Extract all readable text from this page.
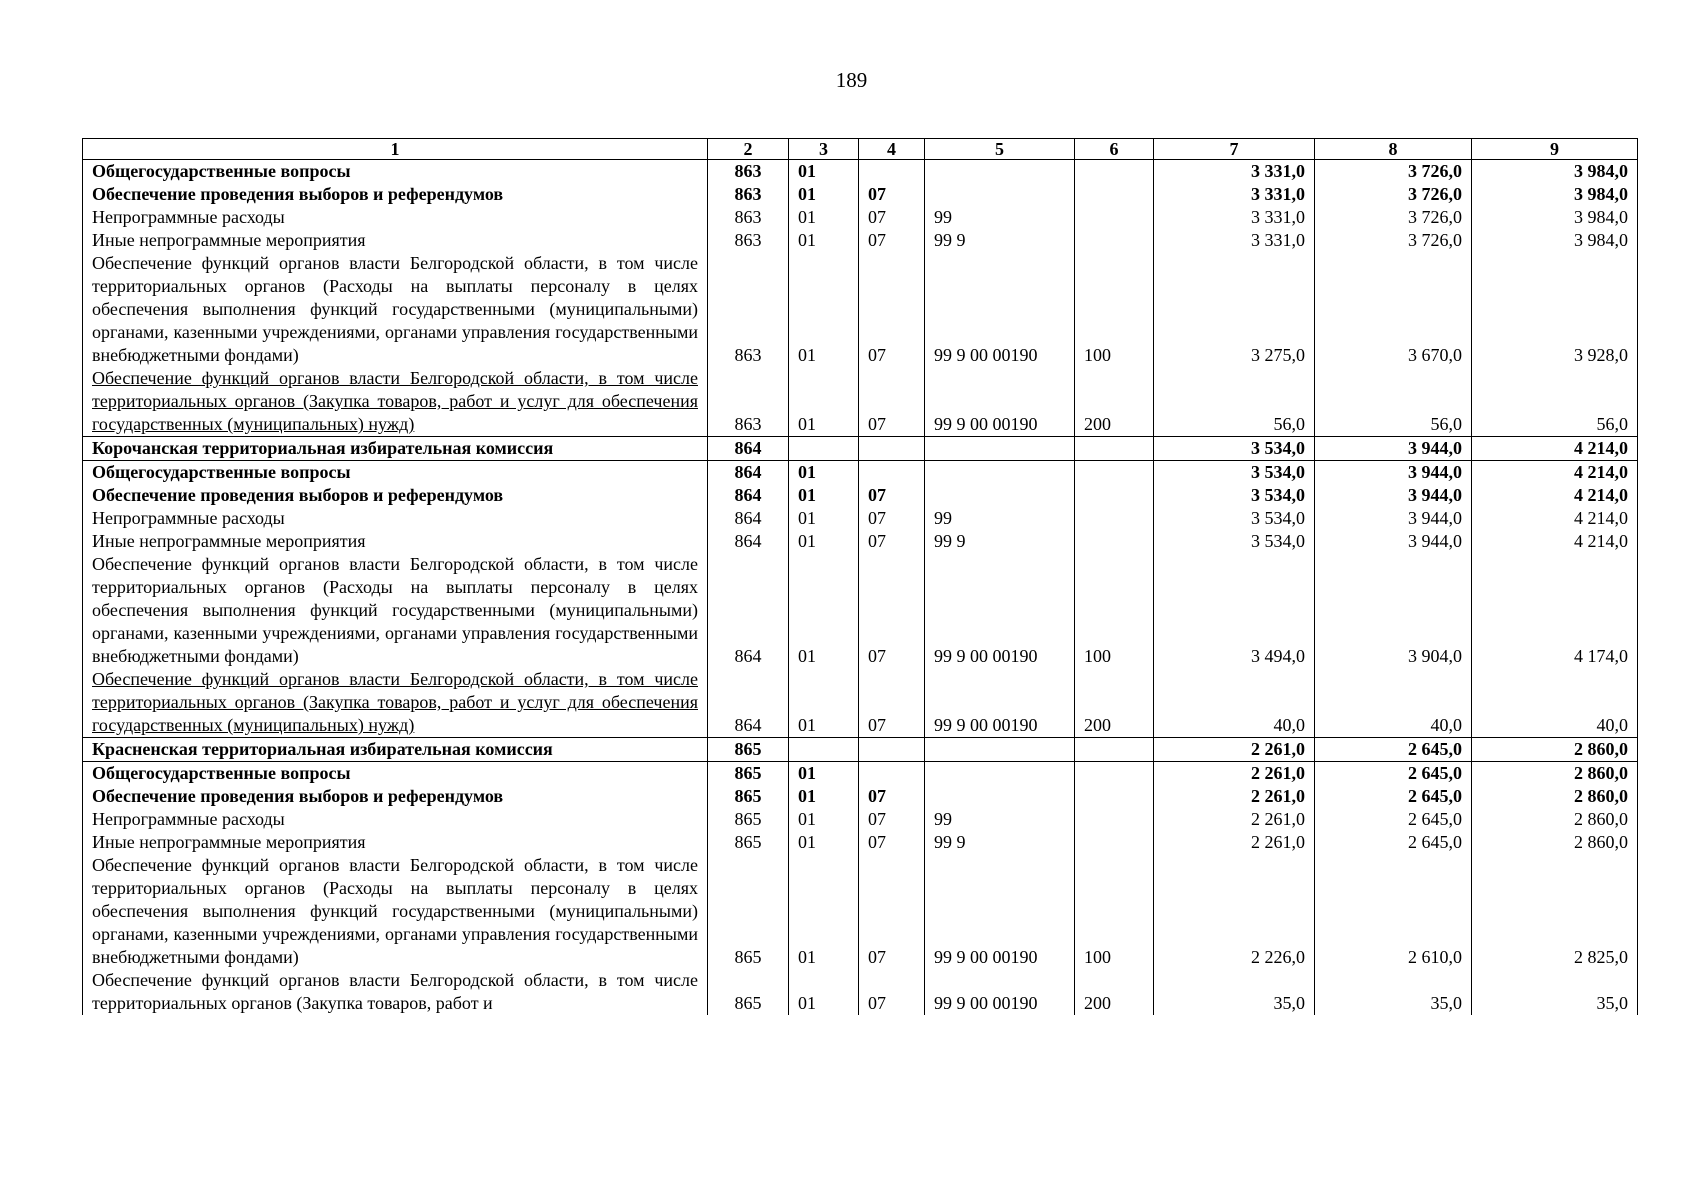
189
1	2	3	4	5	6	7	8	9
Общегосударственные вопросы	863	01				3 331,0	3 726,0	3 984,0
Обеспечение проведения выборов и референдумов	863	01	07			3 331,0	3 726,0	3 984,0
Непрограммные расходы	863	01	07	99		3 331,0	3 726,0	3 984,0
Иные непрограммные мероприятия	863	01	07	99 9		3 331,0	3 726,0	3 984,0
Обеспечение функций органов власти Белгородской области, в том числе территориальных органов (Расходы на выплаты персоналу в целях обеспечения выполнения функций государственными (муниципальными) органами, казенными учреждениями, органами управления государственными внебюджетными фондами)	863	01	07	99 9 00 00190	100	3 275,0	3 670,0	3 928,0
Обеспечение функций органов власти Белгородской области, в том числе территориальных органов (Закупка товаров, работ и услуг для обеспечения государственных (муниципальных) нужд)	863	01	07	99 9 00 00190	200	56,0	56,0	56,0
Корочанская территориальная избирательная комиссия	864					3 534,0	3 944,0	4 214,0
Общегосударственные вопросы	864	01				3 534,0	3 944,0	4 214,0
Обеспечение проведения выборов и референдумов	864	01	07			3 534,0	3 944,0	4 214,0
Непрограммные расходы	864	01	07	99		3 534,0	3 944,0	4 214,0
Иные непрограммные мероприятия	864	01	07	99 9		3 534,0	3 944,0	4 214,0
Обеспечение функций органов власти Белгородской области, в том числе территориальных органов (Расходы на выплаты персоналу в целях обеспечения выполнения функций государственными (муниципальными) органами, казенными учреждениями, органами управления государственными внебюджетными фондами)	864	01	07	99 9 00 00190	100	3 494,0	3 904,0	4 174,0
Обеспечение функций органов власти Белгородской области, в том числе территориальных органов (Закупка товаров, работ и услуг для обеспечения государственных (муниципальных) нужд)	864	01	07	99 9 00 00190	200	40,0	40,0	40,0
Красненская территориальная избирательная комиссия	865					2 261,0	2 645,0	2 860,0
Общегосударственные вопросы	865	01				2 261,0	2 645,0	2 860,0
Обеспечение проведения выборов и референдумов	865	01	07			2 261,0	2 645,0	2 860,0
Непрограммные расходы	865	01	07	99		2 261,0	2 645,0	2 860,0
Иные непрограммные мероприятия	865	01	07	99 9		2 261,0	2 645,0	2 860,0
Обеспечение функций органов власти Белгородской области, в том числе территориальных органов (Расходы на выплаты персоналу в целях обеспечения выполнения функций государственными (муниципальными) органами, казенными учреждениями, органами управления государственными внебюджетными фондами)	865	01	07	99 9 00 00190	100	2 226,0	2 610,0	2 825,0
Обеспечение функций органов власти Белгородской области, в том числе территориальных органов (Закупка товаров, работ и	865	01	07	99 9 00 00190	200	35,0	35,0	35,0
